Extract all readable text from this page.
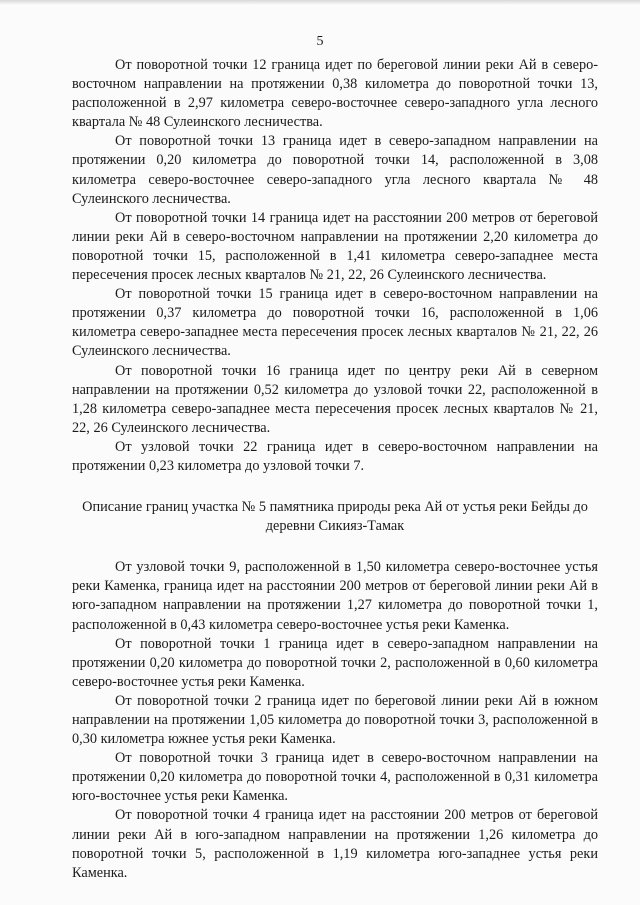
5

От поворотной точки 12 граница идет по береговой линии реки Ай в северо-восточном направлении на протяжении 0,38 километра до поворотной точки 13, расположенной в 2,97 километра северо-восточнее северо-западного угла лесного квартала № 48 Сулеинского лесничества.

От поворотной точки 13 граница идет в северо-западном направлении на протяжении 0,20 километра до поворотной точки 14, расположенной в 3,08 километра северо-восточнее северо-западного угла лесного квартала № 48 Сулеинского лесничества.

От поворотной точки 14 граница идет на расстоянии 200 метров от береговой линии реки Ай в северо-восточном направлении на протяжении 2,20 километра до поворотной точки 15, расположенной в 1,41 километра северо-западнее места пересечения просек лесных кварталов № 21, 22, 26 Сулеинского лесничества.

От поворотной точки 15 граница идет в северо-восточном направлении на протяжении 0,37 километра до поворотной точки 16, расположенной в 1,06 километра северо-западнее места пересечения просек лесных кварталов № 21, 22, 26 Сулеинского лесничества.

От поворотной точки 16 граница идет по центру реки Ай в северном направлении на протяжении 0,52 километра до узловой точки 22, расположенной в 1,28 километра северо-западнее места пересечения просек лесных кварталов № 21, 22, 26 Сулеинского лесничества.

От узловой точки 22 граница идет в северо-восточном направлении на протяжении 0,23 километра до узловой точки 7.

Описание границ участка № 5 памятника природы река Ай от устья реки Бейды до деревни Сикияз-Тамак

От узловой точки 9, расположенной в 1,50 километра северо-восточнее устья реки Каменка, граница идет на расстоянии 200 метров от береговой линии реки Ай в юго-западном направлении на протяжении 1,27 километра до поворотной точки 1, расположенной в 0,43 километра северо-восточнее устья реки Каменка.

От поворотной точки 1 граница идет в северо-западном направлении на протяжении 0,20 километра до поворотной точки 2, расположенной в 0,60 километра северо-восточнее устья реки Каменка.

От поворотной точки 2 граница идет по береговой линии реки Ай в южном направлении на протяжении 1,05 километра до поворотной точки 3, расположенной в 0,30 километра южнее устья реки Каменка.

От поворотной точки 3 граница идет в северо-восточном направлении на протяжении 0,20 километра до поворотной точки 4, расположенной в 0,31 километра юго-восточнее устья реки Каменка.

От поворотной точки 4 граница идет на расстоянии 200 метров от береговой линии реки Ай в юго-западном направлении на протяжении 1,26 километра до поворотной точки 5, расположенной в 1,19 километра юго-западнее устья реки Каменка.
